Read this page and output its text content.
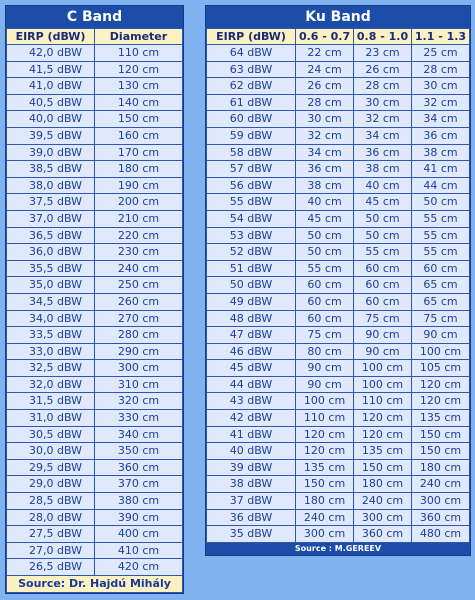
C Band
EIRP (dBW)	Diameter
42,0 dBW	110 cm
41,5 dBW	120 cm
41,0 dBW	130 cm
40,5 dBW	140 cm
40,0 dBW	150 cm
39,5 dBW	160 cm
39,0 dBW	170 cm
38,5 dBW	180 cm
38,0 dBW	190 cm
37,5 dBW	200 cm
37,0 dBW	210 cm
36,5 dBW	220 cm
36,0 dBW	230 cm
35,5 dBW	240 cm
35,0 dBW	250 cm
34,5 dBW	260 cm
34,0 dBW	270 cm
33,5 dBW	280 cm
33,0 dBW	290 cm
32,5 dBW	300 cm
32,0 dBW	310 cm
31,5 dBW	320 cm
31,0 dBW	330 cm
30,5 dBW	340 cm
30,0 dBW	350 cm
29,5 dBW	360 cm
29,0 dBW	370 cm
28,5 dBW	380 cm
28,0 dBW	390 cm
27,5 dBW	400 cm
27,0 dBW	410 cm
26,5 dBW	420 cm
Source: Dr. Hajdú Mihály
Ku Band
EIRP (dBW)	0.6 - 0.7	0.8 - 1.0	1.1 - 1.3
64 dBW	22 cm	23 cm	25 cm
63 dBW	24 cm	26 cm	28 cm
62 dBW	26 cm	28 cm	30 cm
61 dBW	28 cm	30 cm	32 cm
60 dBW	30 cm	32 cm	34 cm
59 dBW	32 cm	34 cm	36 cm
58 dBW	34 cm	36 cm	38 cm
57 dBW	36 cm	38 cm	41 cm
56 dBW	38 cm	40 cm	44 cm
55 dBW	40 cm	45 cm	50 cm
54 dBW	45 cm	50 cm	55 cm
53 dBW	50 cm	50 cm	55 cm
52 dBW	50 cm	55 cm	55 cm
51 dBW	55 cm	60 cm	60 cm
50 dBW	60 cm	60 cm	65 cm
49 dBW	60 cm	60 cm	65 cm
48 dBW	60 cm	75 cm	75 cm
47 dBW	75 cm	90 cm	90 cm
46 dBW	80 cm	90 cm	100 cm
45 dBW	90 cm	100 cm	105 cm
44 dBW	90 cm	100 cm	120 cm
43 dBW	100 cm	110 cm	120 cm
42 dBW	110 cm	120 cm	135 cm
41 dBW	120 cm	120 cm	150 cm
40 dBW	120 cm	135 cm	150 cm
39 dBW	135 cm	150 cm	180 cm
38 dBW	150 cm	180 cm	240 cm
37 dBW	180 cm	240 cm	300 cm
36 dBW	240 cm	300 cm	360 cm
35 dBW	300 cm	360 cm	480 cm
Source : M.GEREEV
